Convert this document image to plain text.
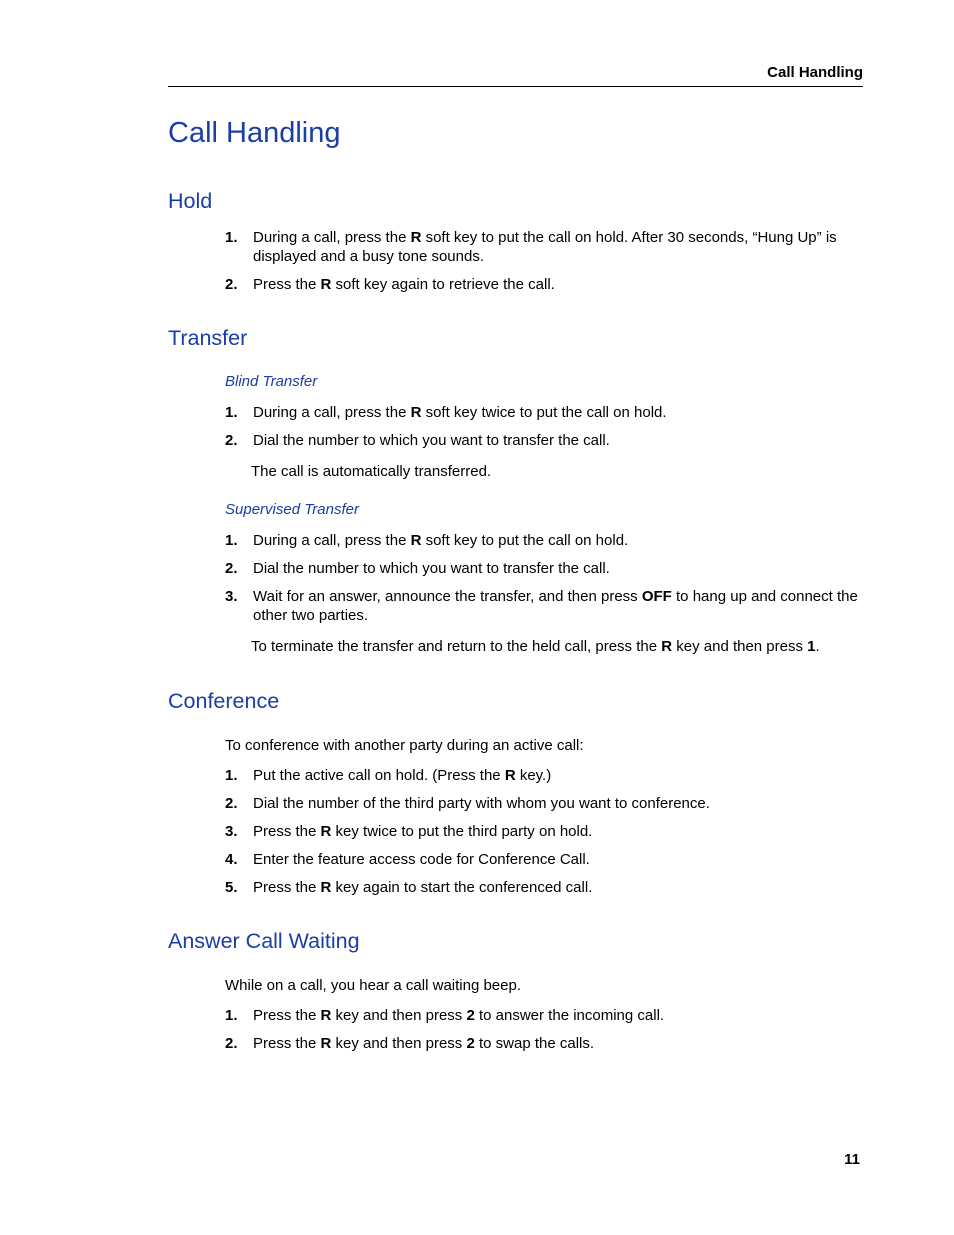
Call Handling
Call Handling
Hold
1. During a call, press the R soft key to put the call on hold. After 30 seconds, “Hung Up” is displayed and a busy tone sounds.
2. Press the R soft key again to retrieve the call.
Transfer
Blind Transfer
1. During a call, press the R soft key twice to put the call on hold.
2. Dial the number to which you want to transfer the call.
The call is automatically transferred.
Supervised Transfer
1. During a call, press the R soft key to put the call on hold.
2. Dial the number to which you want to transfer the call.
3. Wait for an answer, announce the transfer, and then press OFF to hang up and connect the other two parties.
To terminate the transfer and return to the held call, press the R key and then press 1.
Conference
To conference with another party during an active call:
1. Put the active call on hold. (Press the R key.)
2. Dial the number of the third party with whom you want to conference.
3. Press the R key twice to put the third party on hold.
4. Enter the feature access code for Conference Call.
5. Press the R key again to start the conferenced call.
Answer Call Waiting
While on a call, you hear a call waiting beep.
1. Press the R key and then press 2 to answer the incoming call.
2. Press the R key and then press 2 to swap the calls.
11
